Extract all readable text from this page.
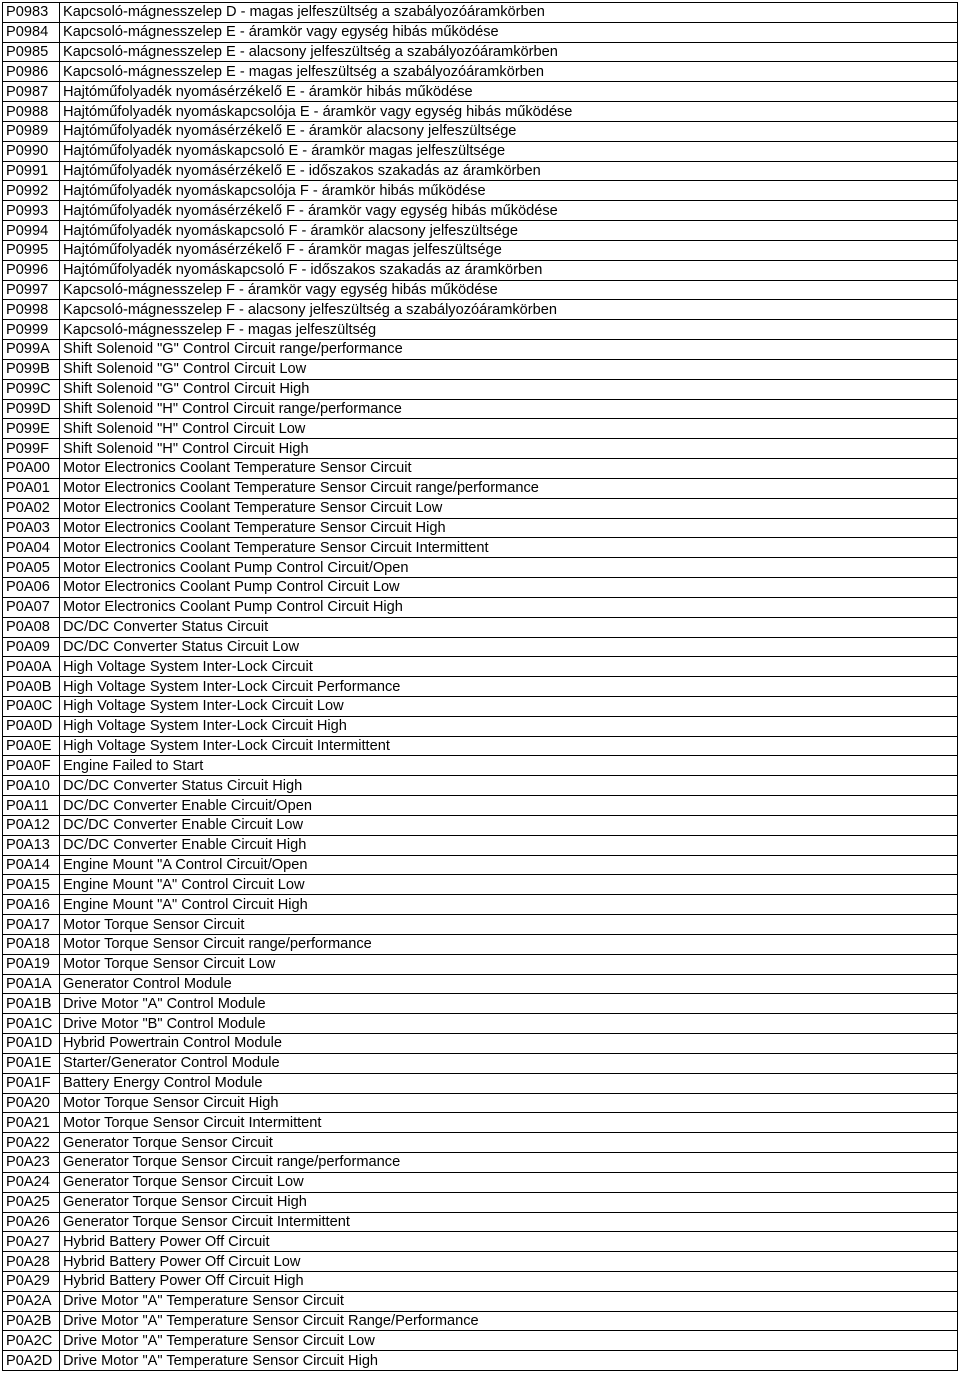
P0983	Kapcsoló-mágnesszelep D - magas jelfeszültség a szabályozóáramkörben
P0984	Kapcsoló-mágnesszelep E - áramkör vagy egység hibás működése
P0985	Kapcsoló-mágnesszelep E - alacsony jelfeszültség a szabályozóáramkörben
P0986	Kapcsoló-mágnesszelep E - magas jelfeszültség a szabályozóáramkörben
P0987	Hajtóműfolyadék nyomásérzékelő E - áramkör hibás működése
P0988	Hajtóműfolyadék nyomáskapcsolója E - áramkör vagy egység hibás működése
P0989	Hajtóműfolyadék nyomásérzékelő E - áramkör alacsony jelfeszültsége
P0990	Hajtóműfolyadék nyomáskapcsoló E - áramkör magas jelfeszültsége
P0991	Hajtóműfolyadék nyomásérzékelő E - időszakos szakadás az áramkörben
P0992	Hajtóműfolyadék nyomáskapcsolója F - áramkör hibás működése
P0993	Hajtóműfolyadék nyomásérzékelő F - áramkör vagy egység hibás működése
P0994	Hajtóműfolyadék nyomáskapcsoló F - áramkör alacsony jelfeszültsége
P0995	Hajtóműfolyadék nyomásérzékelő F - áramkör magas jelfeszültsége
P0996	Hajtóműfolyadék nyomáskapcsoló F - időszakos szakadás az áramkörben
P0997	Kapcsoló-mágnesszelep F - áramkör vagy egység hibás működése
P0998	Kapcsoló-mágnesszelep F - alacsony jelfeszültség a szabályozóáramkörben
P0999	Kapcsoló-mágnesszelep F - magas jelfeszültség
P099A	Shift Solenoid "G" Control Circuit range/performance
P099B	Shift Solenoid "G" Control Circuit Low
P099C	Shift Solenoid "G" Control Circuit High
P099D	Shift Solenoid "H" Control Circuit range/performance
P099E	Shift Solenoid "H" Control Circuit Low
P099F	Shift Solenoid "H" Control Circuit High
P0A00	Motor Electronics Coolant Temperature Sensor Circuit
P0A01	Motor Electronics Coolant Temperature Sensor Circuit range/performance
P0A02	Motor Electronics Coolant Temperature Sensor Circuit Low
P0A03	Motor Electronics Coolant Temperature Sensor Circuit High
P0A04	Motor Electronics Coolant Temperature Sensor Circuit Intermittent
P0A05	Motor Electronics Coolant Pump Control Circuit/Open
P0A06	Motor Electronics Coolant Pump Control Circuit Low
P0A07	Motor Electronics Coolant Pump Control Circuit High
P0A08	DC/DC Converter Status Circuit
P0A09	DC/DC Converter Status Circuit Low
P0A0A	High Voltage System Inter-Lock Circuit
P0A0B	High Voltage System Inter-Lock Circuit Performance
P0A0C	High Voltage System Inter-Lock Circuit Low
P0A0D	High Voltage System Inter-Lock Circuit High
P0A0E	High Voltage System Inter-Lock Circuit Intermittent
P0A0F	Engine Failed to Start
P0A10	DC/DC Converter Status Circuit High
P0A11	DC/DC Converter Enable Circuit/Open
P0A12	DC/DC Converter Enable Circuit Low
P0A13	DC/DC Converter Enable Circuit High
P0A14	Engine Mount "A Control Circuit/Open
P0A15	Engine Mount "A" Control Circuit Low
P0A16	Engine Mount "A" Control Circuit High
P0A17	Motor Torque Sensor Circuit
P0A18	Motor Torque Sensor Circuit range/performance
P0A19	Motor Torque Sensor Circuit Low
P0A1A	Generator Control Module
P0A1B	Drive Motor "A" Control Module
P0A1C	Drive Motor "B" Control Module
P0A1D	Hybrid Powertrain Control Module
P0A1E	Starter/Generator Control Module
P0A1F	Battery Energy Control Module
P0A20	Motor Torque Sensor Circuit High
P0A21	Motor Torque Sensor Circuit Intermittent
P0A22	Generator Torque Sensor Circuit
P0A23	Generator Torque Sensor Circuit range/performance
P0A24	Generator Torque Sensor Circuit Low
P0A25	Generator Torque Sensor Circuit High
P0A26	Generator Torque Sensor Circuit Intermittent
P0A27	Hybrid Battery Power Off Circuit
P0A28	Hybrid Battery Power Off Circuit Low
P0A29	Hybrid Battery Power Off Circuit High
P0A2A	Drive Motor "A" Temperature Sensor Circuit
P0A2B	Drive Motor "A" Temperature Sensor Circuit Range/Performance
P0A2C	Drive Motor "A" Temperature Sensor Circuit Low
P0A2D	Drive Motor "A" Temperature Sensor Circuit High
